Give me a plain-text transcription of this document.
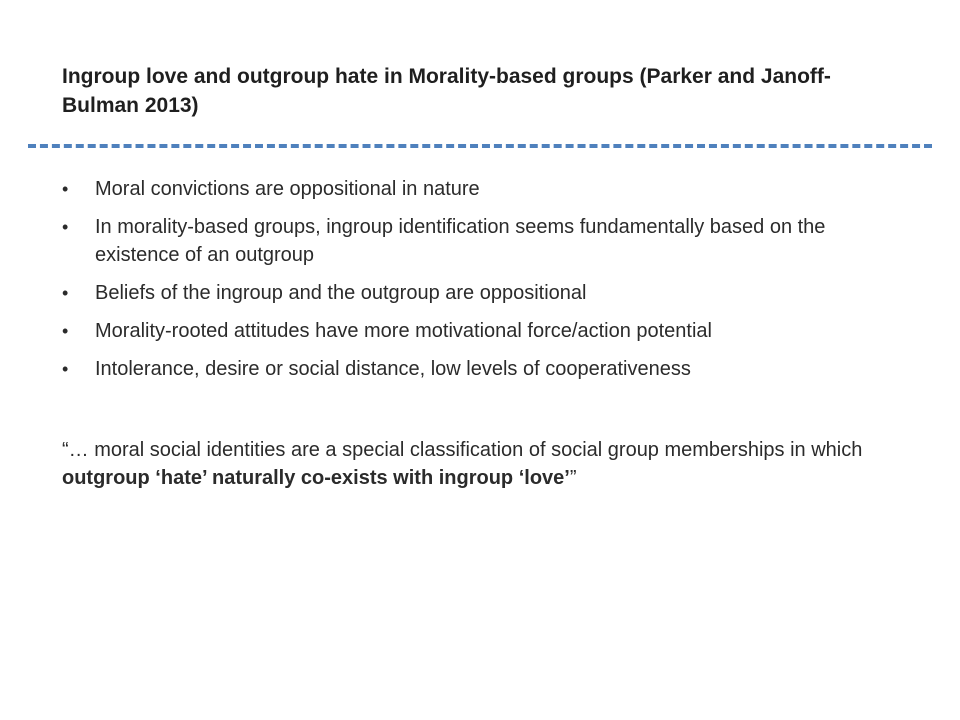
Ingroup love and outgroup hate in Morality-based groups (Parker and Janoff-Bulman 2013)
• Moral convictions are oppositional in nature
• In morality-based groups, ingroup identification seems fundamentally based on the existence of an outgroup
• Beliefs of the ingroup and the outgroup are oppositional
• Morality-rooted attitudes have more motivational force/action potential
• Intolerance, desire or social distance, low levels of cooperativeness
“… moral social identities are a special classification of social group memberships in which outgroup ‘hate’ naturally co-exists with ingroup ‘love’”
